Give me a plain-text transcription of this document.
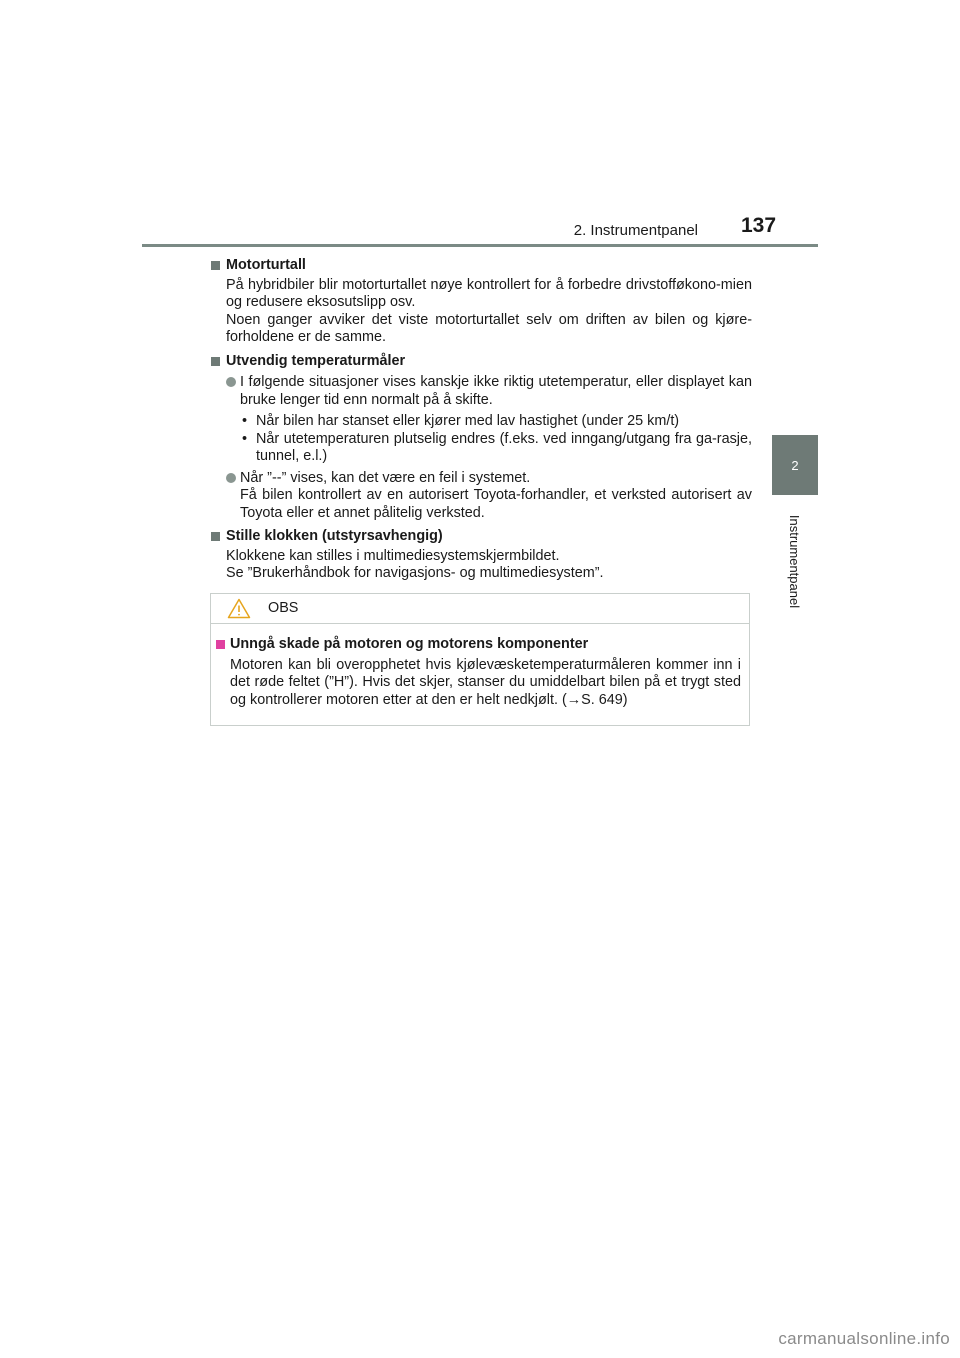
2. Instrumentpanel 137
2
Instrumentpanel
Motorturtall

På hybridbiler blir motorturtallet nøye kontrollert for å forbedre drivstofføkono-mien og redusere eksosutslipp osv.

Noen ganger avviker det viste motorturtallet selv om driften av bilen og kjøre-forholdene er de samme.

Utvendig temperaturmåler
I følgende situasjoner vises kanskje ikke riktig utetemperatur, eller displayet kan bruke lenger tid enn normalt på å skifte.
• Når bilen har stanset eller kjører med lav hastighet (under 25 km/t)
• Når utetemperaturen plutselig endres (f.eks. ved inngang/utgang fra ga-rasje, tunnel, e.l.)
Når ”--” vises, kan det være en feil i systemet.
Få bilen kontrollert av en autorisert Toyota-forhandler, et verksted autorisert av Toyota eller et annet pålitelig verksted.
Stille klokken (utstyrsavhengig)

Klokkene kan stilles i multimediesystemskjermbildet.

Se ”Brukerhåndbok for navigasjons- og multimediesystem”.

OBS
Unngå skade på motoren og motorens komponenter
Motoren kan bli overopphetet hvis kjølevæsketemperaturmåleren kommer inn i det røde feltet (”H”). Hvis det skjer, stanser du umiddelbart bilen på et trygt sted og kontrollerer motoren etter at den er helt nedkjølt. (→S. 649)
carmanualsonline.info
